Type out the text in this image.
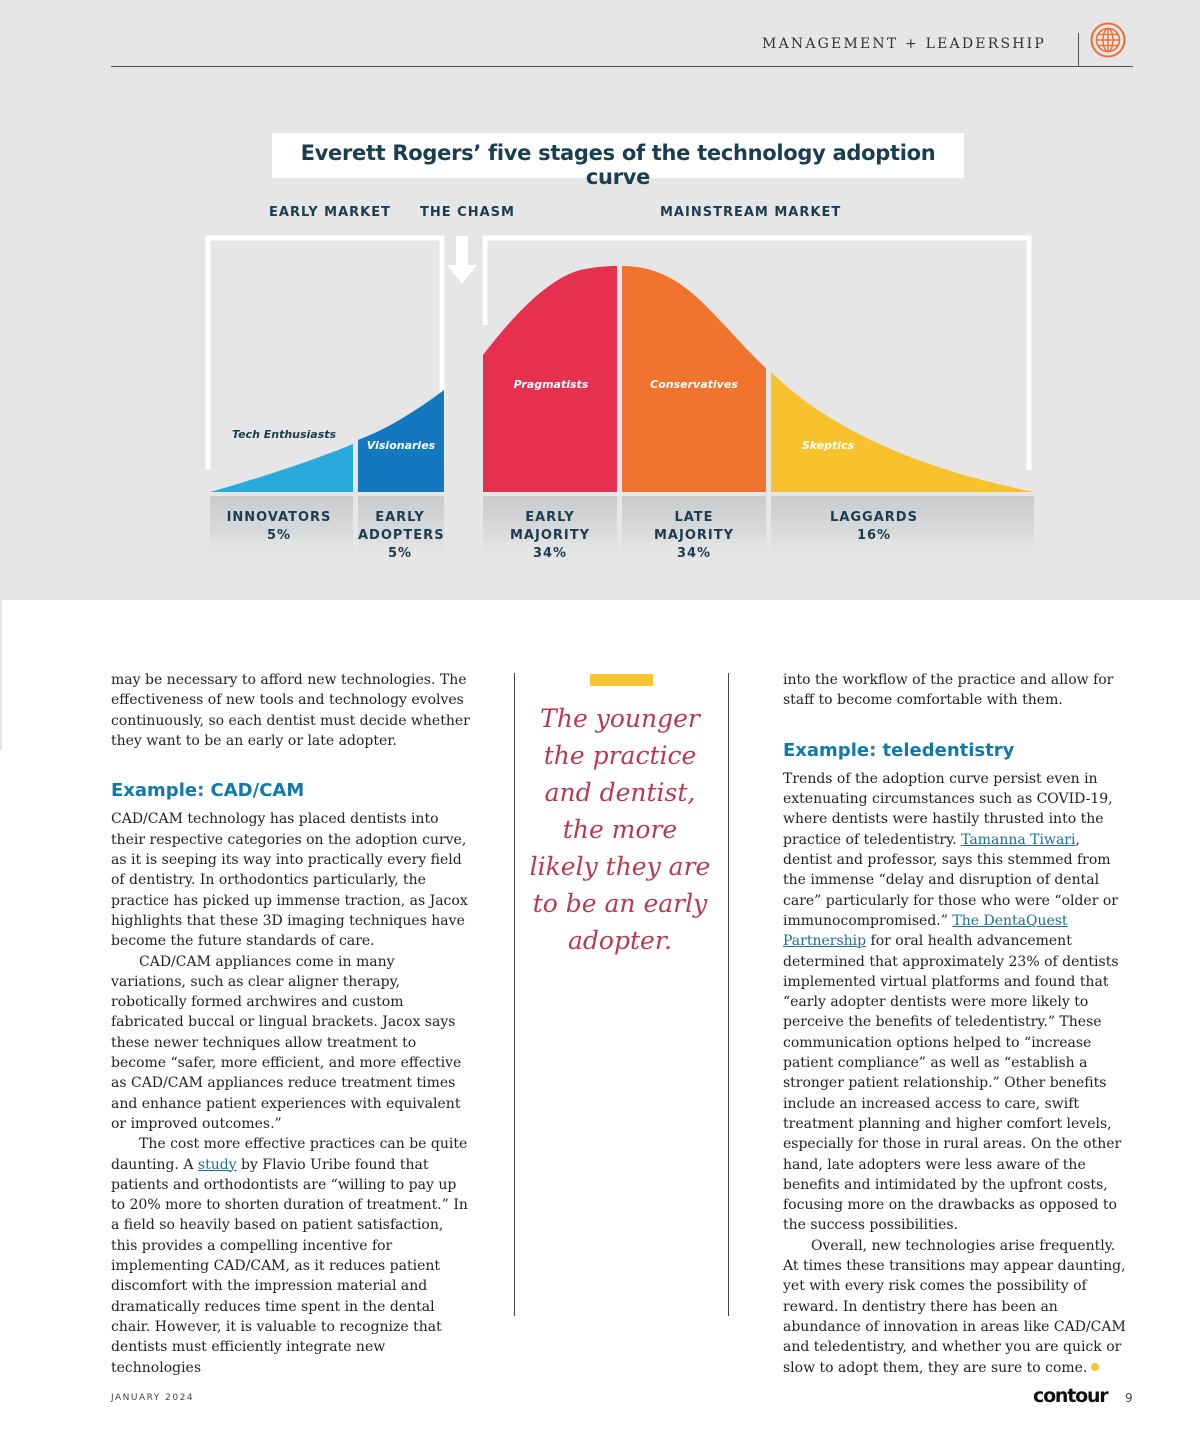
MANAGEMENT + LEADERSHIP
Everett Rogers’ five stages of the technology adoption curve
EARLY MARKET THE CHASM	MAINSTREAM MARKET
Tech Enthusiasts
Visionaries
Pragmatists	Conservatives
Skeptics
INNOVATORS
5%
EARLY
ADOPTERS
5%
EARLY
MAJORITY
34%
LATE
MAJORITY
34%
LAGGARDS
16%

may be necessary to afford new technologies. The effectiveness of new tools and technology evolves continuously, so each dentist must decide whether they want to be an early or late adopter.

Example: CAD/CAM

CAD/CAM technology has placed dentists into their respective categories on the adoption curve, as it is seeping its way into practically every field of dentistry. In orthodontics particularly, the practice has picked up immense traction, as Jacox highlights that these 3D imaging techniques have become the future standards of care.

CAD/CAM appliances come in many variations, such as clear aligner therapy, robotically formed archwires and custom fabricated buccal or lingual brackets. Jacox says these newer techniques allow treatment to become “safer, more efficient, and more effective as CAD/CAM appliances reduce treatment times and enhance patient experiences with equivalent or improved outcomes.”

The cost more effective practices can be quite daunting. A study by Flavio Uribe found that patients and orthodontists are “willing to pay up to 20% more to shorten duration of treatment.” In a field so heavily based on patient satisfaction, this provides a compelling incentive for implementing CAD/CAM, as it reduces patient discomfort with the impression material and dramatically reduces time spent in the dental chair. However, it is valuable to recognize that dentists must efficiently integrate new technologies

The younger the practice and dentist, the more likely they are to be an early adopter.

into the workflow of the practice and allow for staff to become comfortable with them.

Example: teledentistry

Trends of the adoption curve persist even in extenuating circumstances such as COVID-19, where dentists were hastily thrusted into the practice of teledentistry. Tamanna Tiwari, dentist and professor, says this stemmed from the immense “delay and disruption of dental care” particularly for those who were “older or immunocompromised.” The DentaQuest Partnership for oral health advancement determined that approximately 23% of dentists implemented virtual platforms and found that “early adopter dentists were more likely to perceive the benefits of teledentistry.” These communication options helped to “increase patient compliance” as well as “establish a stronger patient relationship.” Other benefits include an increased access to care, swift treatment planning and higher comfort levels, especially for those in rural areas. On the other hand, late adopters were less aware of the benefits and intimidated by the upfront costs, focusing more on the drawbacks as opposed to the success possibilities.

Overall, new technologies arise frequently. At times these transitions may appear daunting, yet with every risk comes the possibility of reward. In dentistry there has been an abundance of innovation in areas like CAD/CAM and teledentistry, and whether you are quick or slow to adopt them, they are sure to come.

JANUARY 2024	contour 9
